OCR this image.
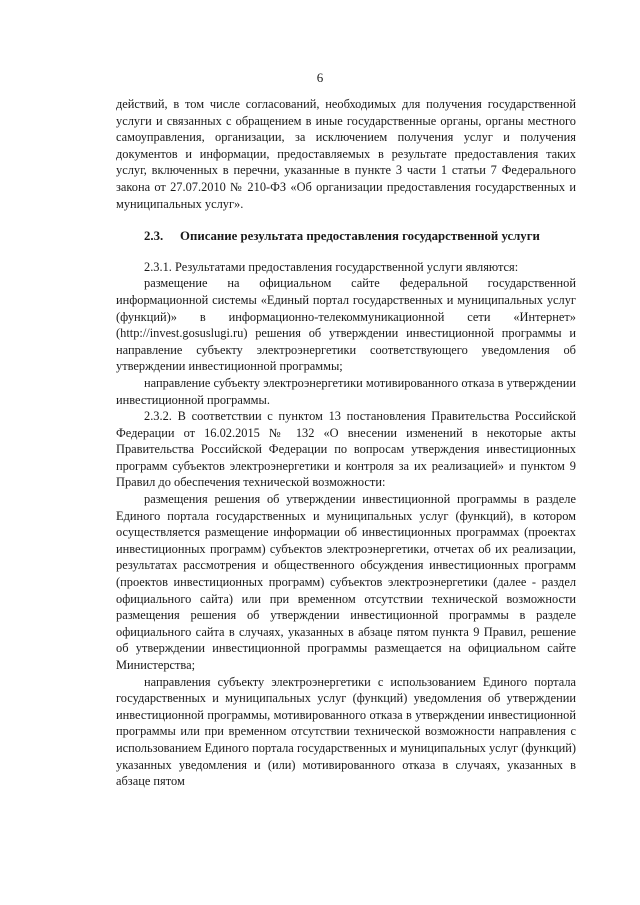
6

действий, в том числе согласований, необходимых для получения государственной услуги и связанных с обращением в иные государственные органы, органы местного самоуправления, организации, за исключением получения услуг и получения документов и информации, предоставляемых в результате предоставления таких услуг, включенных в перечни, указанные в пункте 3 части 1 статьи 7 Федерального закона от 27.07.2010 № 210-ФЗ «Об организации предоставления государственных и муниципальных услуг».

2.3. Описание результата предоставления государственной услуги

2.3.1. Результатами предоставления государственной услуги являются:

размещение на официальном сайте федеральной государственной информационной системы «Единый портал государственных и муниципальных услуг (функций)» в информационно-телекоммуникационной сети «Интернет» (http://invest.gosuslugi.ru) решения об утверждении инвестиционной программы и направление субъекту электроэнергетики соответствующего уведомления об утверждении инвестиционной программы;

направление субъекту электроэнергетики мотивированного отказа в утверждении инвестиционной программы.

2.3.2. В соответствии с пунктом 13 постановления Правительства Российской Федерации от 16.02.2015 № 132 «О внесении изменений в некоторые акты Правительства Российской Федерации по вопросам утверждения инвестиционных программ субъектов электроэнергетики и контроля за их реализацией» и пунктом 9 Правил до обеспечения технической возможности:

размещения решения об утверждении инвестиционной программы в разделе Единого портала государственных и муниципальных услуг (функций), в котором осуществляется размещение информации об инвестиционных программах (проектах инвестиционных программ) субъектов электроэнергетики, отчетах об их реализации, результатах рассмотрения и общественного обсуждения инвестиционных программ (проектов инвестиционных программ) субъектов электроэнергетики (далее - раздел официального сайта) или при временном отсутствии технической возможности размещения решения об утверждении инвестиционной программы в разделе официального сайта в случаях, указанных в абзаце пятом пункта 9 Правил, решение об утверждении инвестиционной программы размещается на официальном сайте Министерства;

направления субъекту электроэнергетики с использованием Единого портала государственных и муниципальных услуг (функций) уведомления об утверждении инвестиционной программы, мотивированного отказа в утверждении инвестиционной программы или при временном отсутствии технической возможности направления с использованием Единого портала государственных и муниципальных услуг (функций) указанных уведомления и (или) мотивированного отказа в случаях, указанных в абзаце пятом
